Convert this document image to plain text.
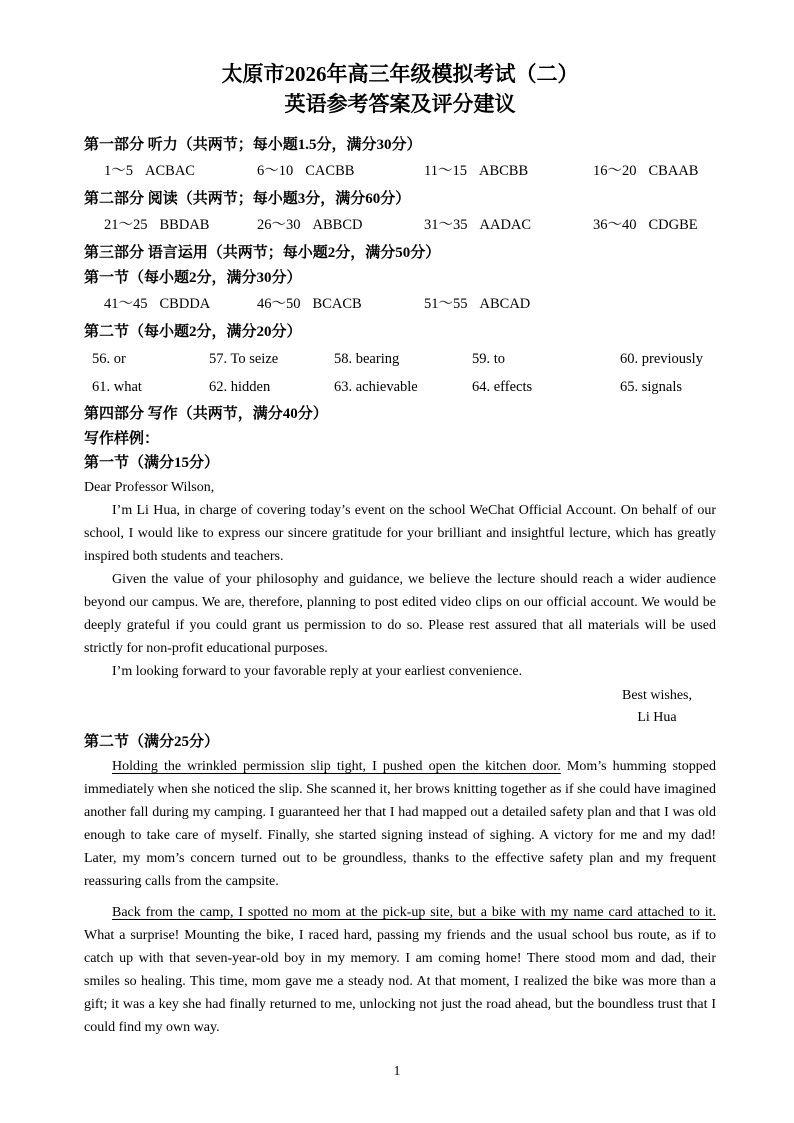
太原市2026年高三年级模拟考试（二）
英语参考答案及评分建议
第一部分 听力（共两节；每小题1.5分，满分30分）
1～5 ACBAC	6～10 CACBB	11～15 ABCBB	16～20 CBAAB
第二部分 阅读（共两节；每小题3分，满分60分）
21～25 BBDAB	26～30 ABBCD	31～35 AADAC	36～40 CDGBE
第三部分 语言运用（共两节；每小题2分，满分50分）
第一节（每小题2分，满分30分）
41～45 CBDDA	46～50 BCACB	51～55 ABCAD
第二节（每小题2分，满分20分）
56. or	57. To seize	58. bearing	59. to	60. previously
61. what	62. hidden	63. achievable	64. effects	65. signals
第四部分 写作（共两节，满分40分）
写作样例：
第一节（满分15分）

Dear Professor Wilson,

I’m Li Hua, in charge of covering today’s event on the school WeChat Official Account. On behalf of our school, I would like to express our sincere gratitude for your brilliant and insightful lecture, which has greatly inspired both students and teachers.

Given the value of your philosophy and guidance, we believe the lecture should reach a wider audience beyond our campus. We are, therefore, planning to post edited video clips on our official account. We would be deeply grateful if you could grant us permission to do so. Please rest assured that all materials will be used strictly for non-profit educational purposes.

I’m looking forward to your favorable reply at your earliest convenience.

Best wishes,
Li Hua
第二节（满分25分）

Holding the wrinkled permission slip tight, I pushed open the kitchen door. Mom’s humming stopped immediately when she noticed the slip. She scanned it, her brows knitting together as if she could have imagined another fall during my camping. I guaranteed her that I had mapped out a detailed safety plan and that I was old enough to take care of myself. Finally, she started signing instead of sighing. A victory for me and my dad! Later, my mom’s concern turned out to be groundless, thanks to the effective safety plan and my frequent reassuring calls from the campsite.

Back from the camp, I spotted no mom at the pick-up site, but a bike with my name card attached to it. What a surprise! Mounting the bike, I raced hard, passing my friends and the usual school bus route, as if to catch up with that seven-year-old boy in my memory. I am coming home! There stood mom and dad, their smiles so healing. This time, mom gave me a steady nod. At that moment, I realized the bike was more than a gift; it was a key she had finally returned to me, unlocking not just the road ahead, but the boundless trust that I could find my own way.

1
